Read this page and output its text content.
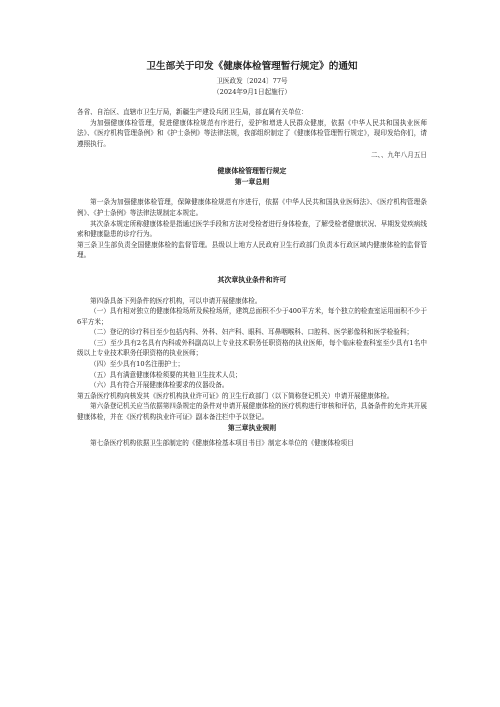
卫生部关于印发《健康体检管理暂行规定》的通知

卫医政发〔2024〕77号

（2024年9月1日起施行）

各省、自治区、直辖市卫生厅局，新疆生产建设兵团卫生局，部直属有关单位：

为加强健康体检管理，促进健康体检规范有序进行，爱护和增进人民群众健康，依据《中华人民共和国执业医师法》、《医疗机构管理条例》和《护士条例》等法律法规，我部组织制定了《健康体检管理暂行规定》，现印发给你们，请遵照执行。

二、、九年八月五日

健康体检管理暂行规定

第一章总则

第一条为加强健康体检管理，保障健康体检规范有序进行，依据《中华人民共和国执业医师法》、《医疗机构管理条例》、《护士条例》等法律法规制定本规定。

其次条本规定所称健康体检是指通过医学手段和方法对受检者进行身体检查，了解受检者健康状况、早期发觉疾病线索和健康隐患的诊疗行为。

第三条卫生部负责全国健康体检的监督管理。县级以上地方人民政府卫生行政部门负责本行政区域内健康体检的监督管理。

其次章执业条件和许可

第四条具备下列条件的医疗机构，可以申请开展健康体检。

（一）具有相对独立的健康体检场所及候检场所，建筑总面积不少于400平方米，每个独立的检查室运用面积不少于6平方米；

（二）登记的诊疗科目至少包括内科、外科、妇产科、眼科、耳鼻咽喉科、口腔科、医学影像科和医学检验科；

（三）至少具有2名具有内科或外科副高以上专业技术职务任职资格的执业医师，每个临床检查科室至少具有1名中级以上专业技术职务任职资格的执业医师；

（四）至少具有10名注册护士；

（五）具有满意健康体检须要的其他卫生技术人员；

（六）具有符合开展健康体检要求的仪器设备。

第五条医疗机构向核发其《医疗机构执业许可证》的卫生行政部门（以下简称登记机关）申请开展健康体检。

第六条登记机关应当依据第四条规定的条件对申请开展健康体检的医疗机构进行审核和评估，具备条件的允许其开展健康体检，并在《医疗机构执业许可证》副本备注栏中予以登记。

第三章执业规则

第七条医疗机构依据卫生部制定的《健康体检基本项目书目》制定本单位的《健康体检项目
